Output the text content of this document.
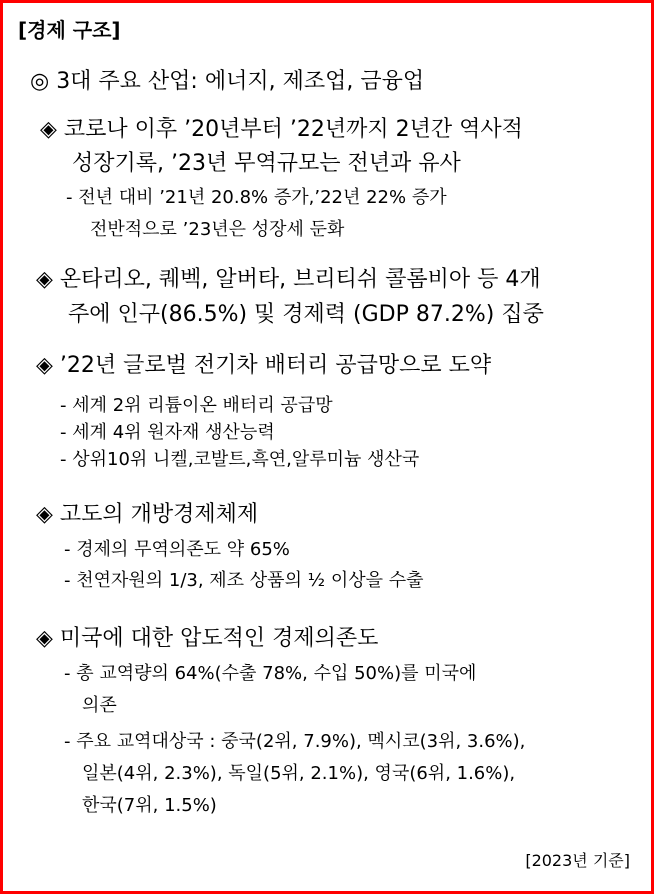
[경제 구조]
◎ 3대 주요 산업: 에너지, 제조업, 금융업
◈ 코로나 이후 ’20년부터 ’22년까지 2년간 역사적
성장기록, ’23년 무역규모는 전년과 유사
- 전년 대비 ’21년 20.8% 증가,’22년 22% 증가
전반적으로 ’23년은 성장세 둔화
◈ 온타리오, 퀘벡, 알버타, 브리티쉬 콜롬비아 등 4개
주에 인구(86.5%) 및 경제력 (GDP 87.2%) 집중
◈ ’22년 글로벌 전기차 배터리 공급망으로 도약
- 세계 2위 리튬이온 배터리 공급망
- 세계 4위 원자재 생산능력
- 상위10위 니켈,코발트,흑연,알루미늄 생산국
◈ 고도의 개방경제체제
- 경제의 무역의존도 약 65%
- 천연자원의 1/3, 제조 상품의 ½ 이상을 수출
◈ 미국에 대한 압도적인 경제의존도
- 총 교역량의 64%(수출 78%, 수입 50%)를 미국에
의존
- 주요 교역대상국 : 중국(2위, 7.9%), 멕시코(3위, 3.6%),
일본(4위, 2.3%), 독일(5위, 2.1%), 영국(6위, 1.6%),
한국(7위, 1.5%)
[2023년 기준]
